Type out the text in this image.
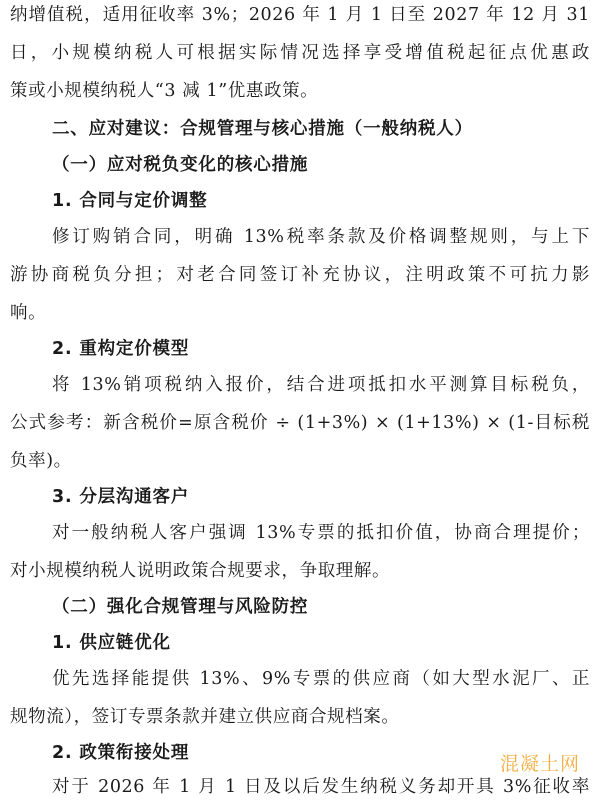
纳增值税，适用征收率 3%；2026 年 1 月 1 日至 2027 年 12 月 31
日，小规模纳税人可根据实际情况选择享受增值税起征点优惠政
策或小规模纳税人“3 减 1”优惠政策。
二、应对建议：合规管理与核心措施（一般纳税人）
（一）应对税负变化的核心措施
1. 合同与定价调整
修订购销合同，明确 13%税率条款及价格调整规则，与上下
游协商税负分担；对老合同签订补充协议，注明政策不可抗力影
响。
2. 重构定价模型
将 13%销项税纳入报价，结合进项抵扣水平测算目标税负，
公式参考：新含税价=原含税价 ÷ (1+3%) × (1+13%) × (1-目标税
负率)。
3. 分层沟通客户
对一般纳税人客户强调 13%专票的抵扣价值，协商合理提价；
对小规模纳税人说明政策合规要求，争取理解。
（二）强化合规管理与风险防控
1. 供应链优化
优先选择能提供 13%、9%专票的供应商（如大型水泥厂、正
规物流），签订专票条款并建立供应商合规档案。
2. 政策衔接处理
对于 2026 年 1 月 1 日及以后发生纳税义务却开具 3%征收率
混凝土网
